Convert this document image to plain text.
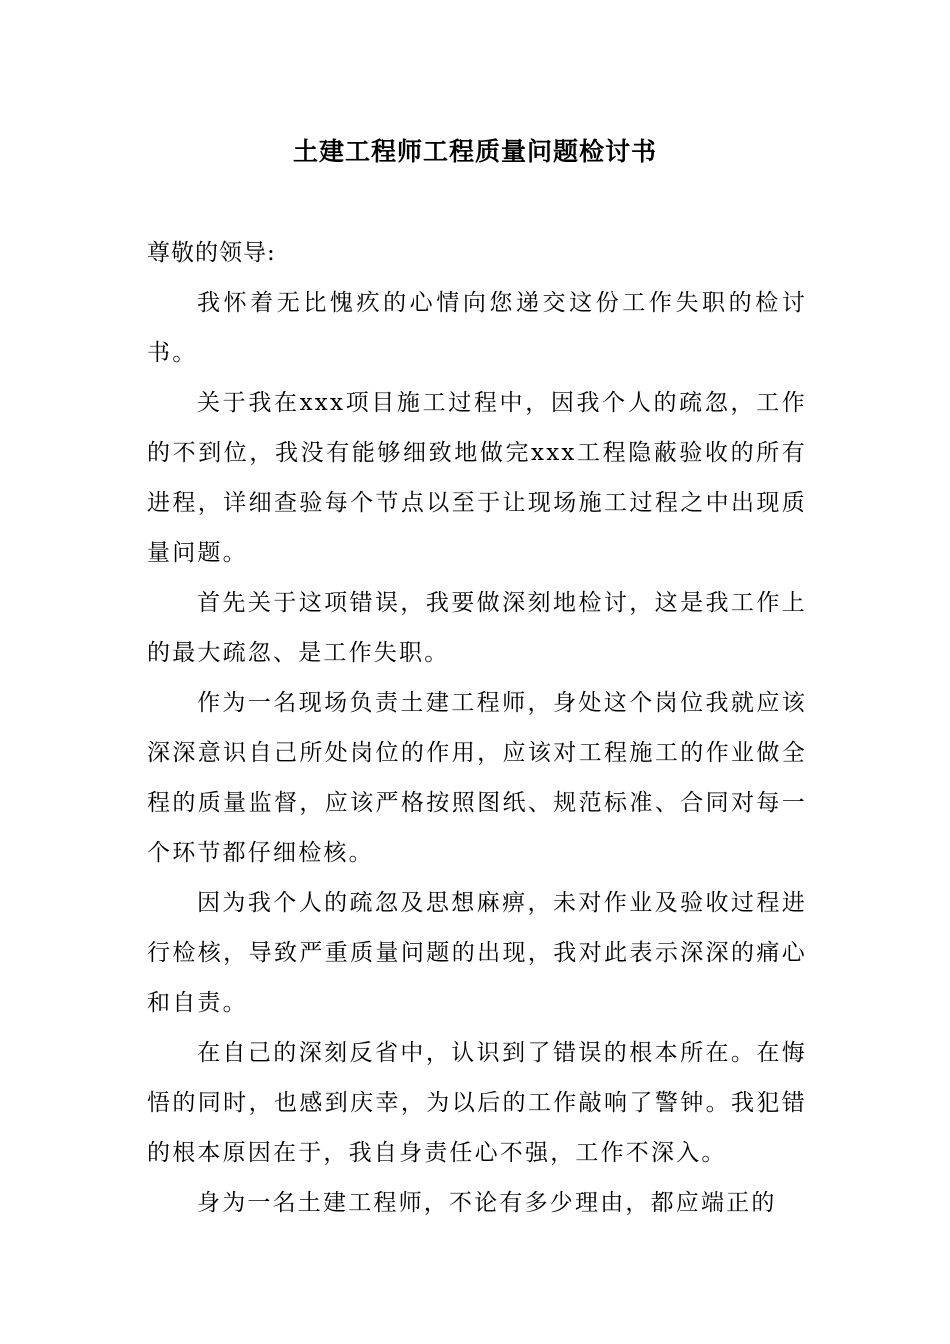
土建工程师工程质量问题检讨书

尊敬的领导:

我怀着无比愧疚的心情向您递交这份工作失职的检讨书。

关于我在xxx项目施工过程中，因我个人的疏忽，工作的不到位，我没有能够细致地做完xxx工程隐蔽验收的所有进程，详细查验每个节点以至于让现场施工过程之中出现质量问题。

首先关于这项错误，我要做深刻地检讨，这是我工作上的最大疏忽、是工作失职。

作为一名现场负责土建工程师，身处这个岗位我就应该深深意识自己所处岗位的作用，应该对工程施工的作业做全程的质量监督，应该严格按照图纸、规范标准、合同对每一个环节都仔细检核。

因为我个人的疏忽及思想麻痹，未对作业及验收过程进行检核，导致严重质量问题的出现，我对此表示深深的痛心和自责。

在自己的深刻反省中，认识到了错误的根本所在。在悔悟的同时，也感到庆幸，为以后的工作敲响了警钟。我犯错的根本原因在于，我自身责任心不强，工作不深入。

身为一名土建工程师，不论有多少理由，都应端正的
